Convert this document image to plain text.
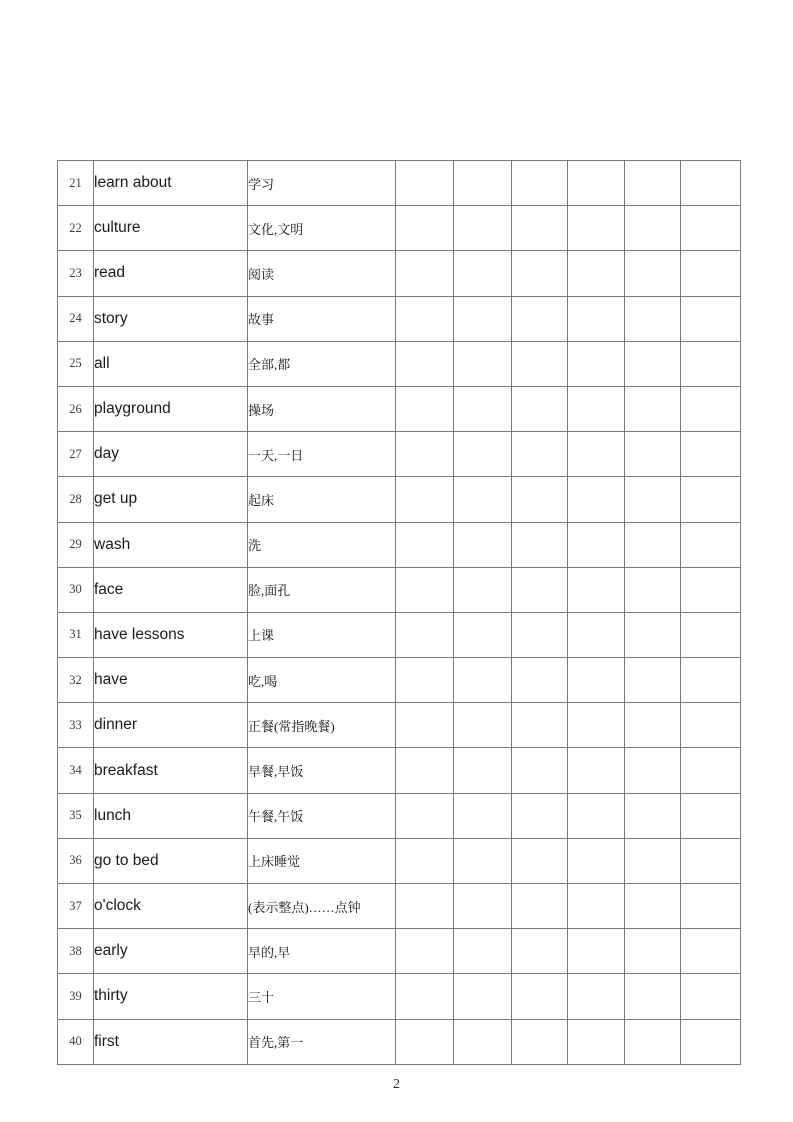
21	learn about	学习						
22	culture	文化,文明						
23	read	阅读						
24	story	故事						
25	all	全部,都						
26	playground	操场						
27	day	一天,一日						
28	get up	起床						
29	wash	洗						
30	face	脸,面孔						
31	have lessons	上课						
32	have	吃,喝						
33	dinner	正餐(常指晚餐)						
34	breakfast	早餐,早饭						
35	lunch	午餐,午饭						
36	go to bed	上床睡觉						
37	o'clock	(表示整点)……点钟						
38	early	早的,早						
39	thirty	三十						
40	first	首先,第一						
2
